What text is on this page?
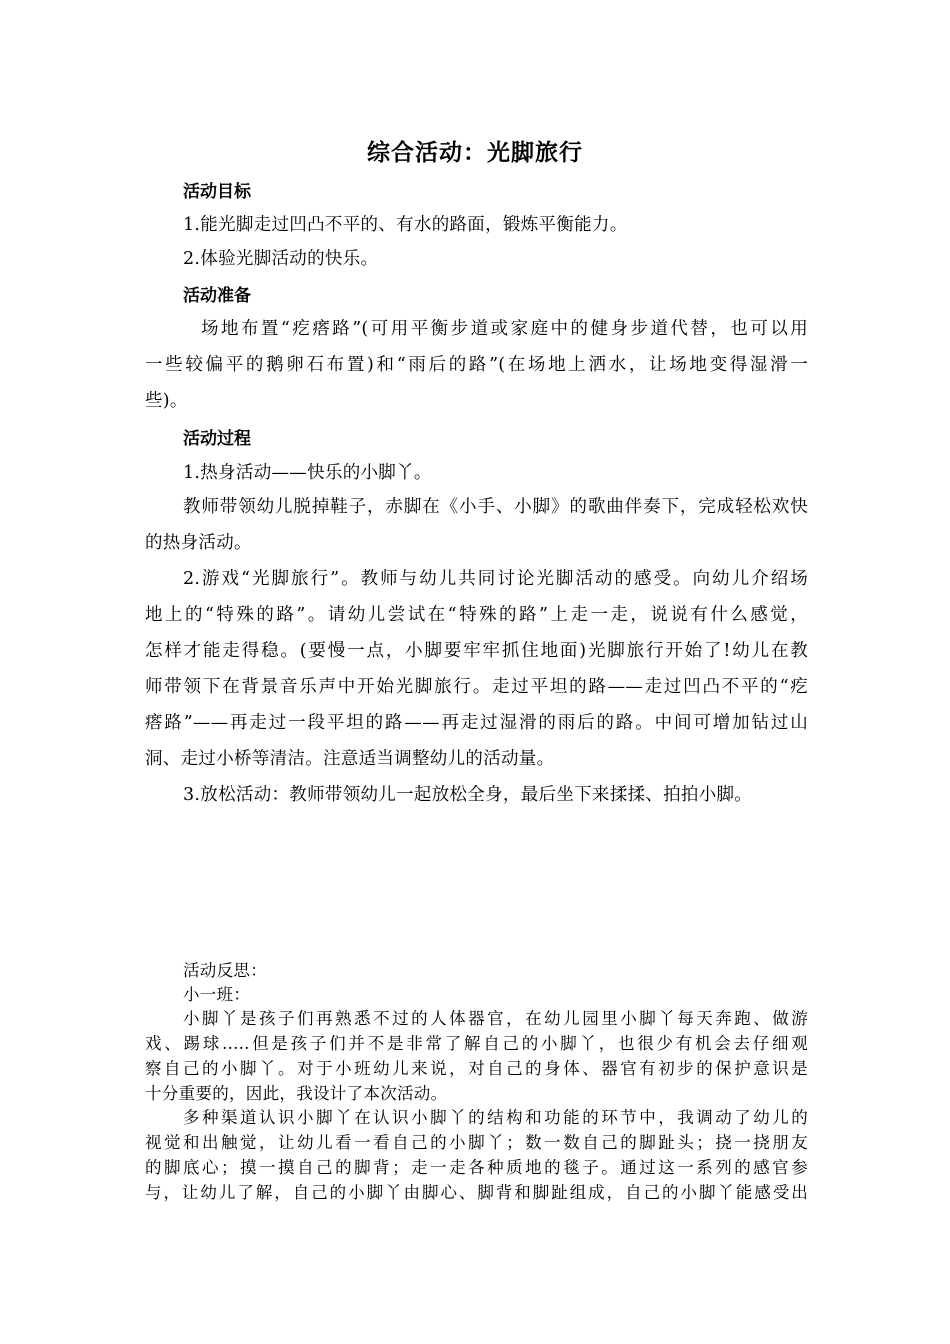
综合活动：光脚旅行
活动目标
1.能光脚走过凹凸不平的、有水的路面，锻炼平衡能力。
2.体验光脚活动的快乐。
活动准备
场地布置“疙瘩路”(可用平衡步道或家庭中的健身步道代替，也可以用
一些较偏平的鹅卵石布置)和“雨后的路”(在场地上洒水，让场地变得湿滑一
些)。
活动过程
1.热身活动——快乐的小脚丫。
教师带领幼儿脱掉鞋子，赤脚在《小手、小脚》的歌曲伴奏下，完成轻松欢快
的热身活动。
2.游戏“光脚旅行”。教师与幼儿共同讨论光脚活动的感受。向幼儿介绍场
地上的“特殊的路”。请幼儿尝试在“特殊的路”上走一走，说说有什么感觉，
怎样才能走得稳。(要慢一点，小脚要牢牢抓住地面)光脚旅行开始了!幼儿在教
师带领下在背景音乐声中开始光脚旅行。走过平坦的路——走过凹凸不平的“疙
瘩路”——再走过一段平坦的路——再走过湿滑的雨后的路。中间可增加钻过山
洞、走过小桥等清洁。注意适当调整幼儿的活动量。
3.放松活动：教师带领幼儿一起放松全身，最后坐下来揉揉、拍拍小脚。
活动反思：
小一班：
小脚丫是孩子们再熟悉不过的人体器官，在幼儿园里小脚丫每天奔跑、做游
戏、踢球…..但是孩子们并不是非常了解自己的小脚丫，也很少有机会去仔细观
察自己的小脚丫。对于小班幼儿来说，对自己的身体、器官有初步的保护意识是
十分重要的，因此，我设计了本次活动。
多种渠道认识小脚丫在认识小脚丫的结构和功能的环节中，我调动了幼儿的
视觉和出触觉，让幼儿看一看自己的小脚丫；数一数自己的脚趾头；挠一挠朋友
的脚底心；摸一摸自己的脚背；走一走各种质地的毯子。通过这一系列的感官参
与，让幼儿了解，自己的小脚丫由脚心、脚背和脚趾组成，自己的小脚丫能感受出
